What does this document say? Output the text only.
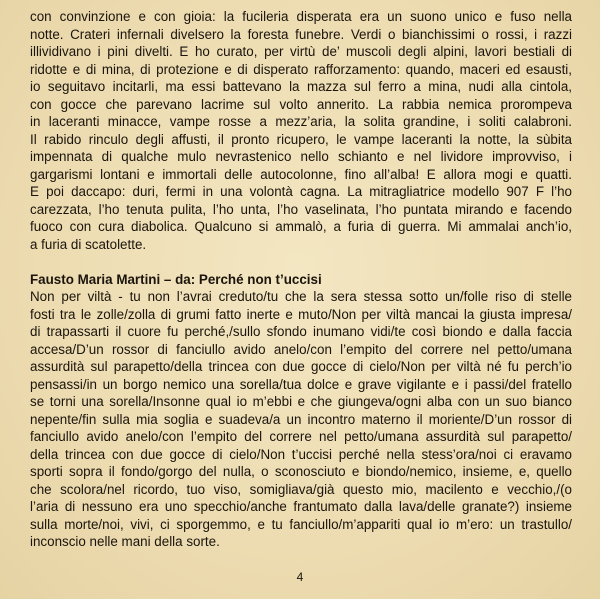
con convinzione e con gioia: la fucileria disperata era un suono unico e fuso nella
notte. Crateri infernali divelsero la foresta funebre. Verdi o bianchissimi o rossi, i razzi
illividivano i pini divelti. E ho curato, per virtù de’ muscoli degli alpini, lavori bestiali di
ridotte e di mina, di protezione e di disperato rafforzamento: quando, maceri ed esausti,
io seguitavo incitarli, ma essi battevano la mazza sul ferro a mina, nudi alla cintola,
con gocce che parevano lacrime sul volto annerito. La rabbia nemica prorompeva
in laceranti minacce, vampe rosse a mezz’aria, la solita grandine, i soliti calabroni.
Il rabido rinculo degli affusti, il pronto ricupero, le vampe laceranti la notte, la sùbita
impennata di qualche mulo nevrastenico nello schianto e nel lividore improvviso, i
gargarismi lontani e immortali delle autocolonne, fino all’alba! E allora mogi e quatti.
E poi daccapo: duri, fermi in una volontà cagna. La mitragliatrice modello 907 F l’ho
carezzata, l’ho tenuta pulita, l’ho unta, l’ho vaselinata, l’ho puntata mirando e facendo
fuoco con cura diabolica. Qualcuno si ammalò, a furia di guerra. Mi ammalai anch’io,
a furia di scatolette.
Fausto Maria Martini – da: Perché non t’uccisi
Non per viltà - tu non l’avrai creduto/tu che la sera stessa sotto un/folle riso di stelle
fosti tra le zolle/zolla di grumi fatto inerte e muto/Non per viltà mancai la giusta impresa/
di trapassarti il cuore fu perché,/sullo sfondo inumano vidi/te così biondo e dalla faccia
accesa/D’un rossor di fanciullo avido anelo/con l’empito del correre nel petto/umana
assurdità sul parapetto/della trincea con due gocce di cielo/Non per viltà né fu perch’io
pensassi/in un borgo nemico una sorella/tua dolce e grave vigilante e i passi/del fratello
se torni una sorella/Insonne qual io m’ebbi e che giungeva/ogni alba con un suo bianco
nepente/fin sulla mia soglia e suadeva/a un incontro materno il moriente/D’un rossor di
fanciullo avido anelo/con l’empito del correre nel petto/umana assurdità sul parapetto/
della trincea con due gocce di cielo/Non t’uccisi perché nella stess’ora/noi ci eravamo
sporti sopra il fondo/gorgo del nulla, o sconosciuto e biondo/nemico, insieme, e, quello
che scolora/nel ricordo, tuo viso, somigliava/già questo mio, macilento e vecchio,/(o
l’aria di nessuno era uno specchio/anche frantumato dalla lava/delle granate?) insieme
sulla morte/noi, vivi, ci sporgemmo, e tu fanciullo/m’appariti qual io m’ero: un trastullo/
inconscio nelle mani della sorte.
4
